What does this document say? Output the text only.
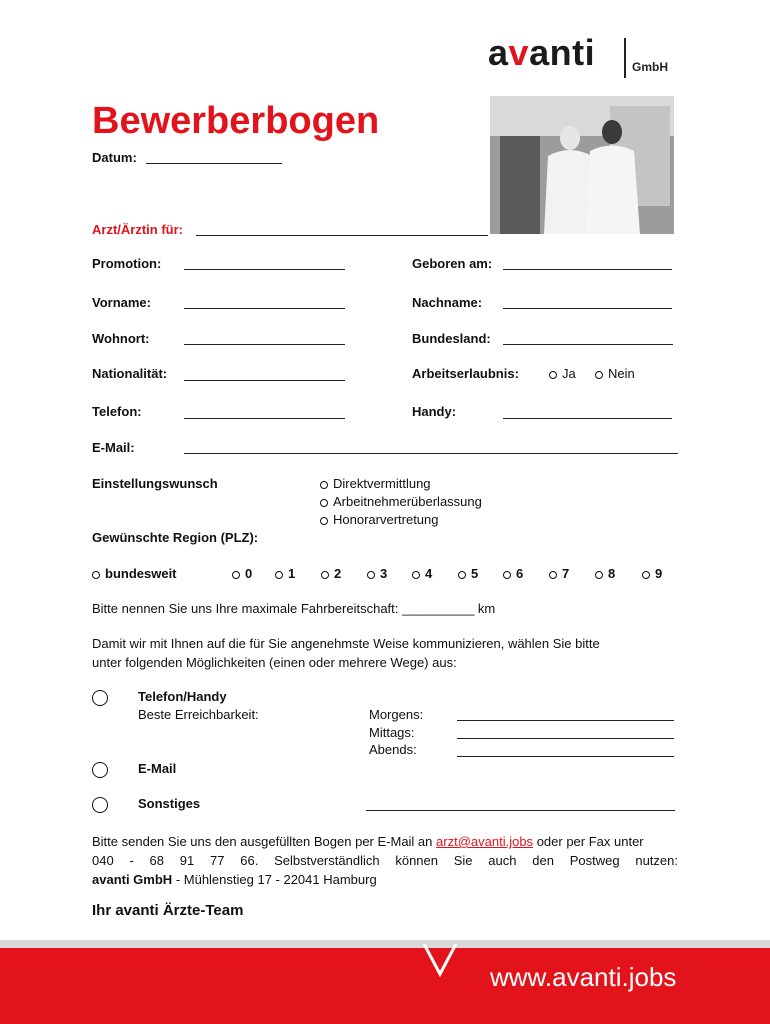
avanti	GmbH
Bewerberbogen
Datum:
Arzt/Ärztin für:
Promotion:	Geboren am:
Vorname:	Nachname:
Wohnort:	Bundesland:
Nationalität:	Arbeitserlaubnis:	Ja	Nein
Telefon:	Handy:
E-Mail:
Einstellungswunsch	Direktvermittlung
Arbeitnehmerüberlassung
Honorarvertretung
Gewünschte Region (PLZ):
bundesweit	0	1	2	3	4	5	6	7	8	9
Bitte nennen Sie uns Ihre maximale Fahrbereitschaft: __________ km
Damit wir mit Ihnen auf die für Sie angenehmste Weise kommunizieren, wählen Sie bitte
unter folgenden Möglichkeiten (einen oder mehrere Wege) aus:
Telefon/Handy
Beste Erreichbarkeit:	Morgens:
Mittags:
Abends:
E-Mail
Sonstiges
Bitte senden Sie uns den ausgefüllten Bogen per E-Mail an arzt@avanti.jobs oder per Fax unter
040 - 68 91 77 66. Selbstverständlich können Sie auch den Postweg nutzen:
avanti GmbH - Mühlenstieg 17 - 22041 Hamburg
Ihr avanti Ärzte-Team
www.avanti.jobs
